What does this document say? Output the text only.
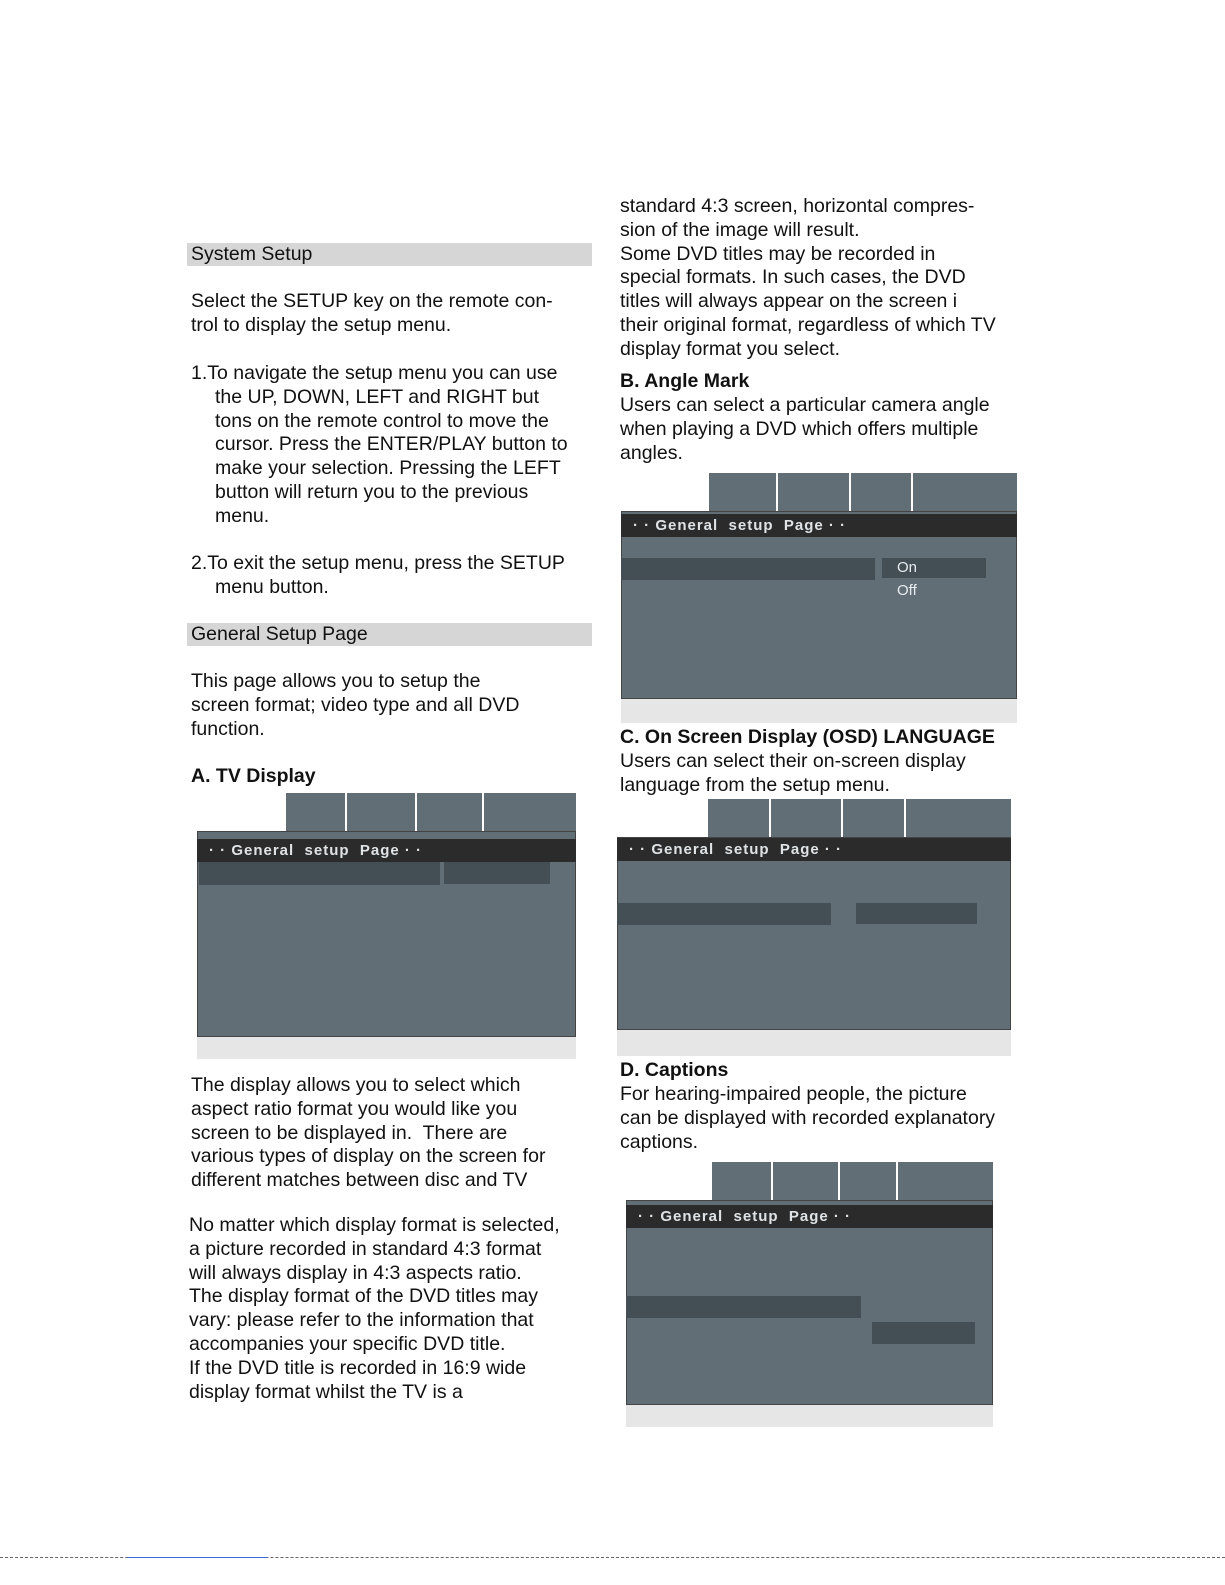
System Setup
Select the SETUP key on the remote con-
trol to display the setup menu.
1.To navigate the setup menu you can use
the UP, DOWN, LEFT and RIGHT but
tons on the remote control to move the
cursor. Press the ENTER/PLAY button to
make your selection. Pressing the LEFT
button will return you to the previous
menu.
2.To exit the setup menu, press the SETUP
menu button.
General Setup Page
This page allows you to setup the
screen format; video type and all DVD
function.
A. TV Display
· · General  setup  Page · ·
The display allows you to select which
aspect ratio format you would like you
screen to be displayed in.  There are
various types of display on the screen for
different matches between disc and TV
No matter which display format is selected,
a picture recorded in standard 4:3 format
will always display in 4:3 aspects ratio.
The display format of the DVD titles may
vary: please refer to the information that
accompanies your specific DVD title.
If the DVD title is recorded in 16:9 wide
display format whilst the TV is a
standard 4:3 screen, horizontal compres-
sion of the image will result.
Some DVD titles may be recorded in
special formats. In such cases, the DVD
titles will always appear on the screen i
their original format, regardless of which TV
display format you select.
B. Angle Mark
Users can select a particular camera angle
when playing a DVD which offers multiple
angles.
· · General  setup  Page · ·
On
Off
C. On Screen Display (OSD) LANGUAGE
Users can select their on-screen display
language from the setup menu.
· · General  setup  Page · ·
D. Captions
For hearing-impaired people, the picture
can be displayed with recorded explanatory
captions.
· · General  setup  Page · ·
